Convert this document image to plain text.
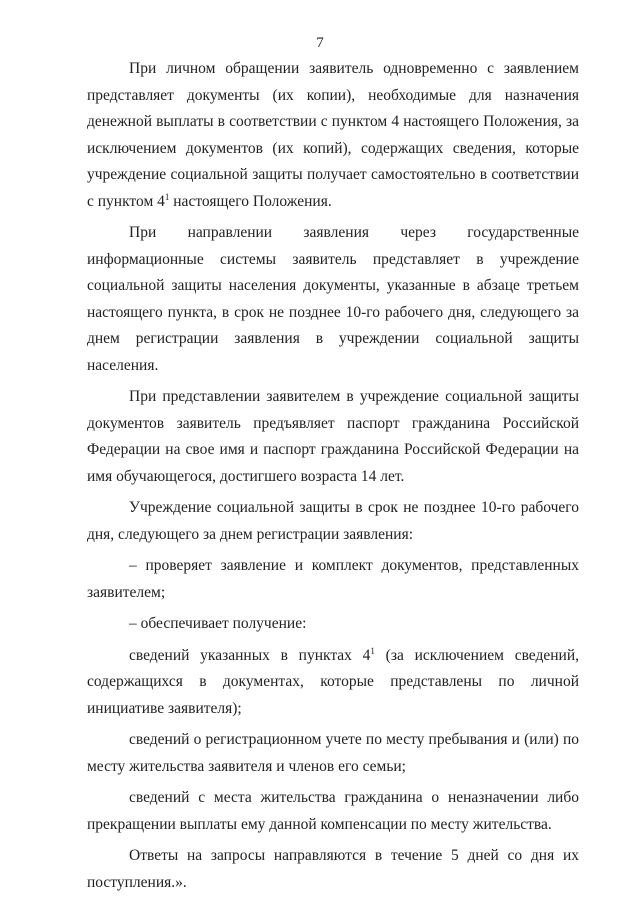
7

При личном обращении заявитель одновременно с заявлением представляет документы (их копии), необходимые для назначения денежной выплаты в соответствии с пунктом 4 настоящего Положения, за исключением документов (их копий), содержащих сведения, которые учреждение социальной защиты получает самостоятельно в соответствии с пунктом $4^1$ настоящего Положения.

При направлении заявления через государственные информационные системы заявитель представляет в учреждение социальной защиты населения документы, указанные в абзаце третьем настоящего пункта, в срок не позднее 10-го рабочего дня, следующего за днем регистрации заявления в учреждении социальной защиты населения.

При представлении заявителем в учреждение социальной защиты документов заявитель предъявляет паспорт гражданина Российской Федерации на свое имя и паспорт гражданина Российской Федерации на имя обучающегося, достигшего возраста 14 лет.

Учреждение социальной защиты в срок не позднее 10-го рабочего дня, следующего за днем регистрации заявления:

– проверяет заявление и комплект документов, представленных заявителем;

– обеспечивает получение:

сведений указанных в пунктах $4^1$ (за исключением сведений, содержащихся в документах, которые представлены по личной инициативе заявителя);

сведений о регистрационном учете по месту пребывания и (или) по месту жительства заявителя и членов его семьи;

сведений с места жительства гражданина о неназначении либо прекращении выплаты ему данной компенсации по месту жительства.

Ответы на запросы направляются в течение 5 дней со дня их поступления.».
